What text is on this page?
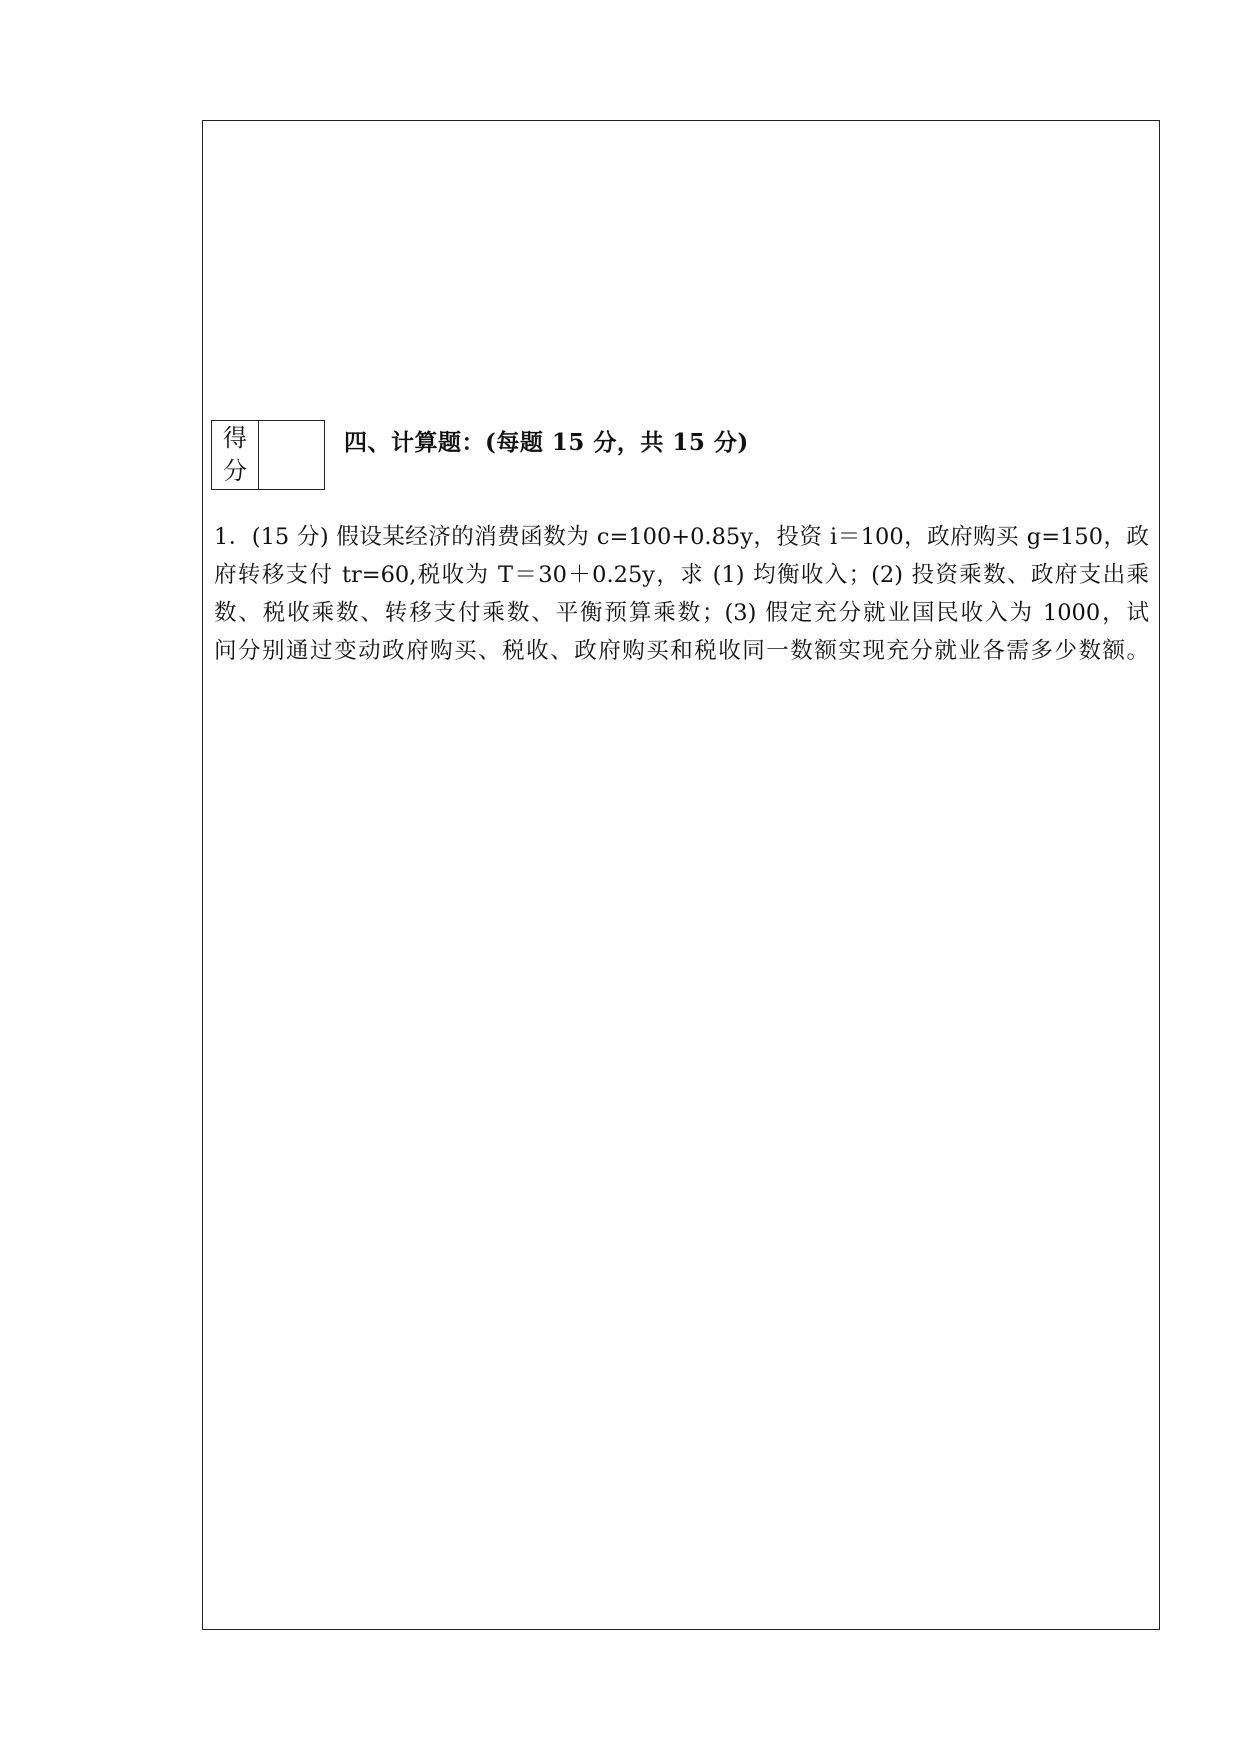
得
分
四、计算题：(每题 15 分，共 15 分)
1．(15 分) 假设某经济的消费函数为 c=100+0.85y，投资 i＝100，政府购买 g=150，政
府转移支付 tr=60,税收为 T＝30＋0.25y，求 (1) 均衡收入；(2) 投资乘数、政府支出乘
数、税收乘数、转移支付乘数、平衡预算乘数；(3) 假定充分就业国民收入为 1000，试
问分别通过变动政府购买、税收、政府购买和税收同一数额实现充分就业各需多少数额。
